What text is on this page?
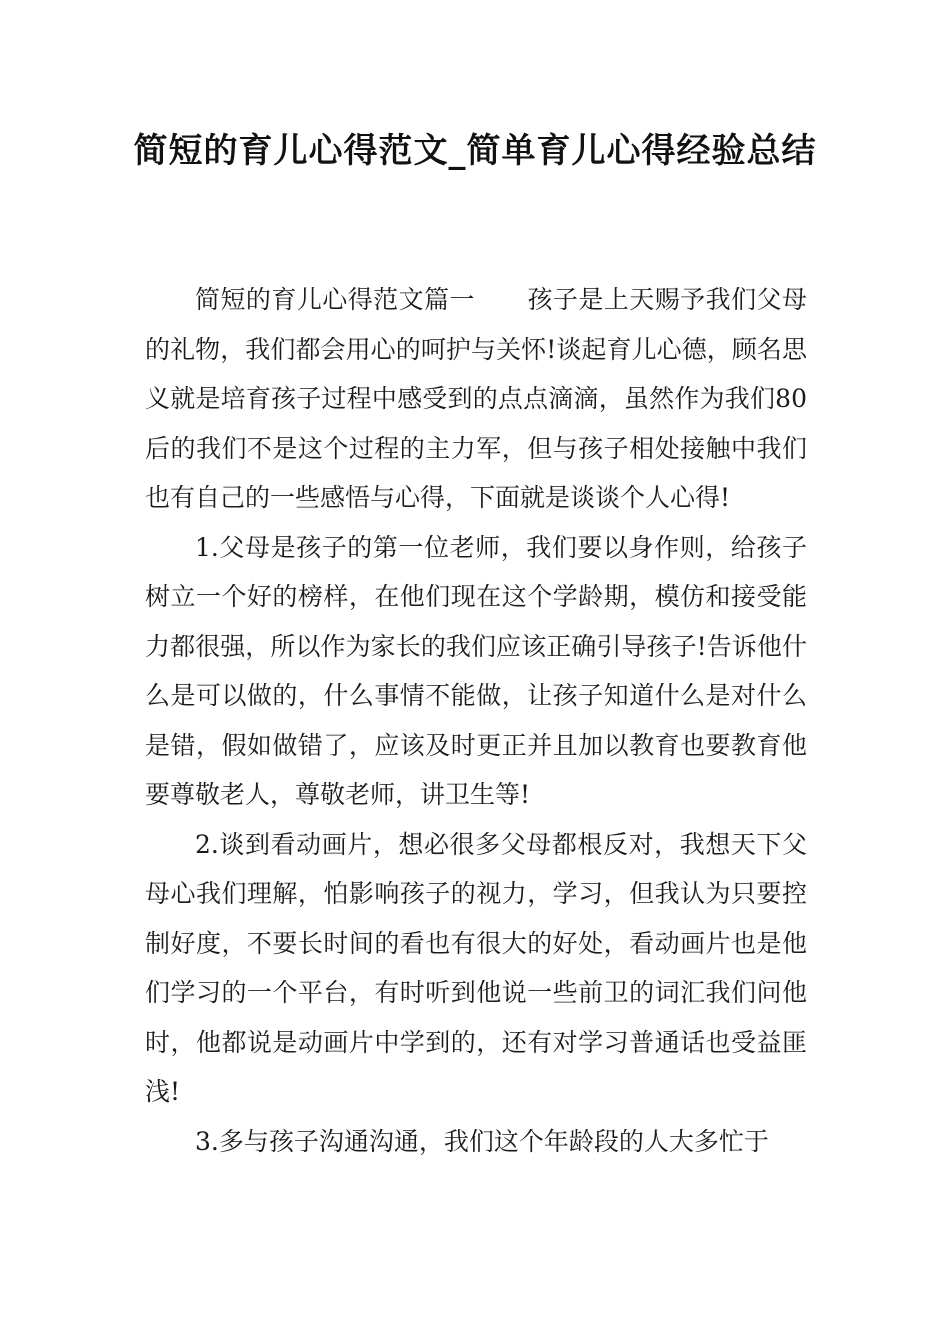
简短的育儿心得范文_简单育儿心得经验总结

简短的育儿心得范文篇一 孩子是上天赐予我们父母的礼物，我们都会用心的呵护与关怀!谈起育儿心德，顾名思义就是培育孩子过程中感受到的点点滴滴，虽然作为我们80后的我们不是这个过程的主力军，但与孩子相处接触中我们也有自己的一些感悟与心得，下面就是谈谈个人心得!

1.父母是孩子的第一位老师，我们要以身作则，给孩子树立一个好的榜样，在他们现在这个学龄期，模仿和接受能力都很强，所以作为家长的我们应该正确引导孩子!告诉他什么是可以做的，什么事情不能做，让孩子知道什么是对什么是错，假如做错了，应该及时更正并且加以教育也要教育他要尊敬老人，尊敬老师，讲卫生等!

2.谈到看动画片，想必很多父母都根反对，我想天下父母心我们理解，怕影响孩子的视力，学习，但我认为只要控制好度，不要长时间的看也有很大的好处，看动画片也是他们学习的一个平台，有时听到他说一些前卫的词汇我们问他时，他都说是动画片中学到的，还有对学习普通话也受益匪浅!

3.多与孩子沟通沟通，我们这个年龄段的人大多忙于
